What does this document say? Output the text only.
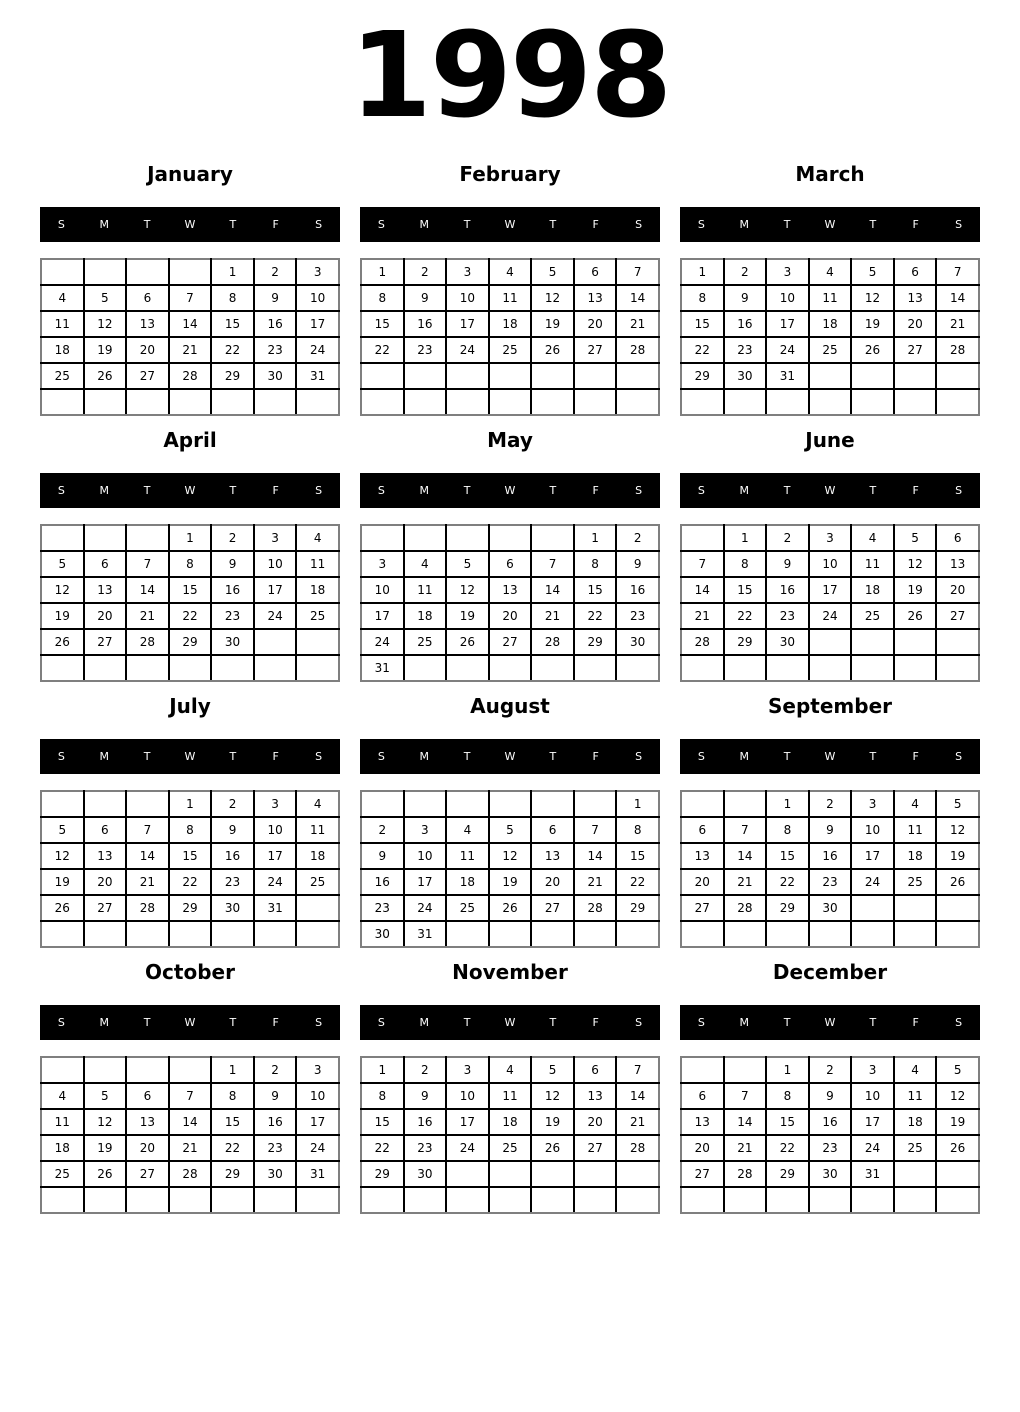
1998
January
S	M	T	W	T	F	S
				1	2	3
4	5	6	7	8	9	10
11	12	13	14	15	16	17
18	19	20	21	22	23	24
25	26	27	28	29	30	31

February
S	M	T	W	T	F	S
1	2	3	4	5	6	7
8	9	10	11	12	13	14
15	16	17	18	19	20	21
22	23	24	25	26	27	28

March
S	M	T	W	T	F	S
1	2	3	4	5	6	7
8	9	10	11	12	13	14
15	16	17	18	19	20	21
22	23	24	25	26	27	28
29	30	31				

April
S	M	T	W	T	F	S
			1	2	3	4
5	6	7	8	9	10	11
12	13	14	15	16	17	18
19	20	21	22	23	24	25
26	27	28	29	30		

May
S	M	T	W	T	F	S
					1	2
3	4	5	6	7	8	9
10	11	12	13	14	15	16
17	18	19	20	21	22	23
24	25	26	27	28	29	30
31						
June
S	M	T	W	T	F	S
	1	2	3	4	5	6
7	8	9	10	11	12	13
14	15	16	17	18	19	20
21	22	23	24	25	26	27
28	29	30				

July
S	M	T	W	T	F	S
			1	2	3	4
5	6	7	8	9	10	11
12	13	14	15	16	17	18
19	20	21	22	23	24	25
26	27	28	29	30	31	

August
S	M	T	W	T	F	S
						1
2	3	4	5	6	7	8
9	10	11	12	13	14	15
16	17	18	19	20	21	22
23	24	25	26	27	28	29
30	31					
September
S	M	T	W	T	F	S
		1	2	3	4	5
6	7	8	9	10	11	12
13	14	15	16	17	18	19
20	21	22	23	24	25	26
27	28	29	30			

October
S	M	T	W	T	F	S
				1	2	3
4	5	6	7	8	9	10
11	12	13	14	15	16	17
18	19	20	21	22	23	24
25	26	27	28	29	30	31

November
S	M	T	W	T	F	S
1	2	3	4	5	6	7
8	9	10	11	12	13	14
15	16	17	18	19	20	21
22	23	24	25	26	27	28
29	30					

December
S	M	T	W	T	F	S
		1	2	3	4	5
6	7	8	9	10	11	12
13	14	15	16	17	18	19
20	21	22	23	24	25	26
27	28	29	30	31		
